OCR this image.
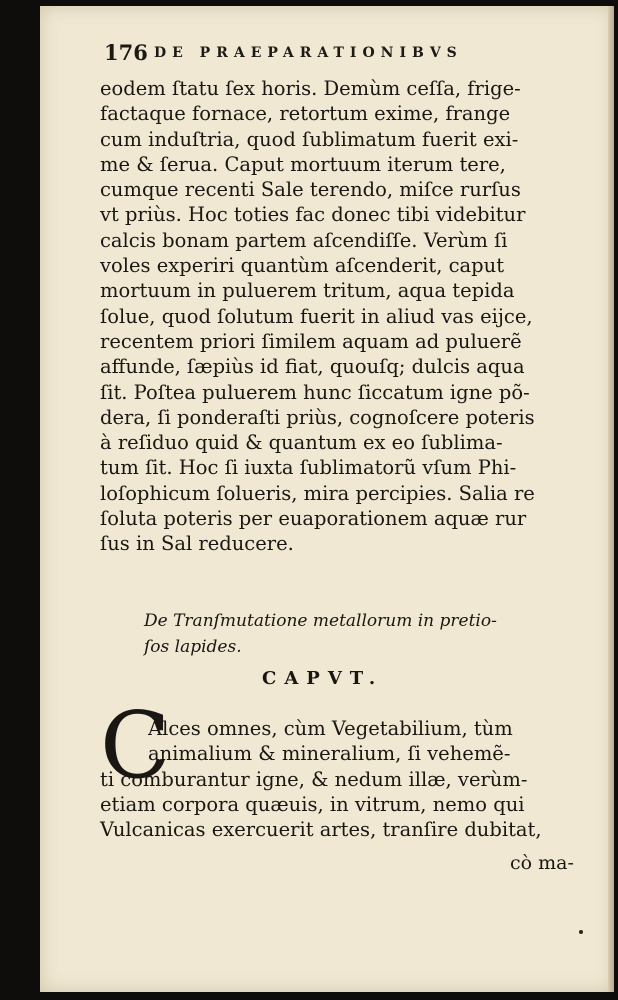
176 DE PRAEPARATIONIBVS
eodem ſtatu ſex horis. Demùm ceſſa, frige-
factaque fornace, retortum exime, frange
cum induſtria, quod ſublimatum fuerit exi-
me & ſerua. Caput mortuum iterum tere,
cumque recenti Sale terendo, miſce rurſus
vt priùs. Hoc toties fac donec tibi videbitur
calcis bonam partem aſcendiſſe. Verùm ſi
voles experiri quantùm aſcenderit, caput
mortuum in puluerem tritum, aqua tepida
ſolue, quod ſolutum fuerit in aliud vas eijce,
recentem priori ſimilem aquam ad puluerẽ
affunde, ſæpiùs id fiat, quouſq; dulcis aqua
ſit. Poſtea puluerem hunc ſiccatum igne põ-
dera, ſi ponderaſti priùs, cognoſcere poteris
à reſiduo quid & quantum ex eo ſublima-
tum ſit. Hoc ſi iuxta ſublimatorũ vſum Phi-
loſophicum ſolueris, mira percipies. Salia re
ſoluta poteris per euaporationem aquæ rur
ſus in Sal reducere.
De Tranſmutatione metallorum in pretio-
ſos lapides.
CAPVT.
C
Alces omnes, cùm Vegetabilium, tùm
animalium & mineralium, ſi vehemẽ-
ti comburantur igne, & nedum illæ, verùm-
etiam corpora quæuis, in vitrum, nemo qui
Vulcanicas exercuerit artes, tranſire dubitat,
cò ma-
